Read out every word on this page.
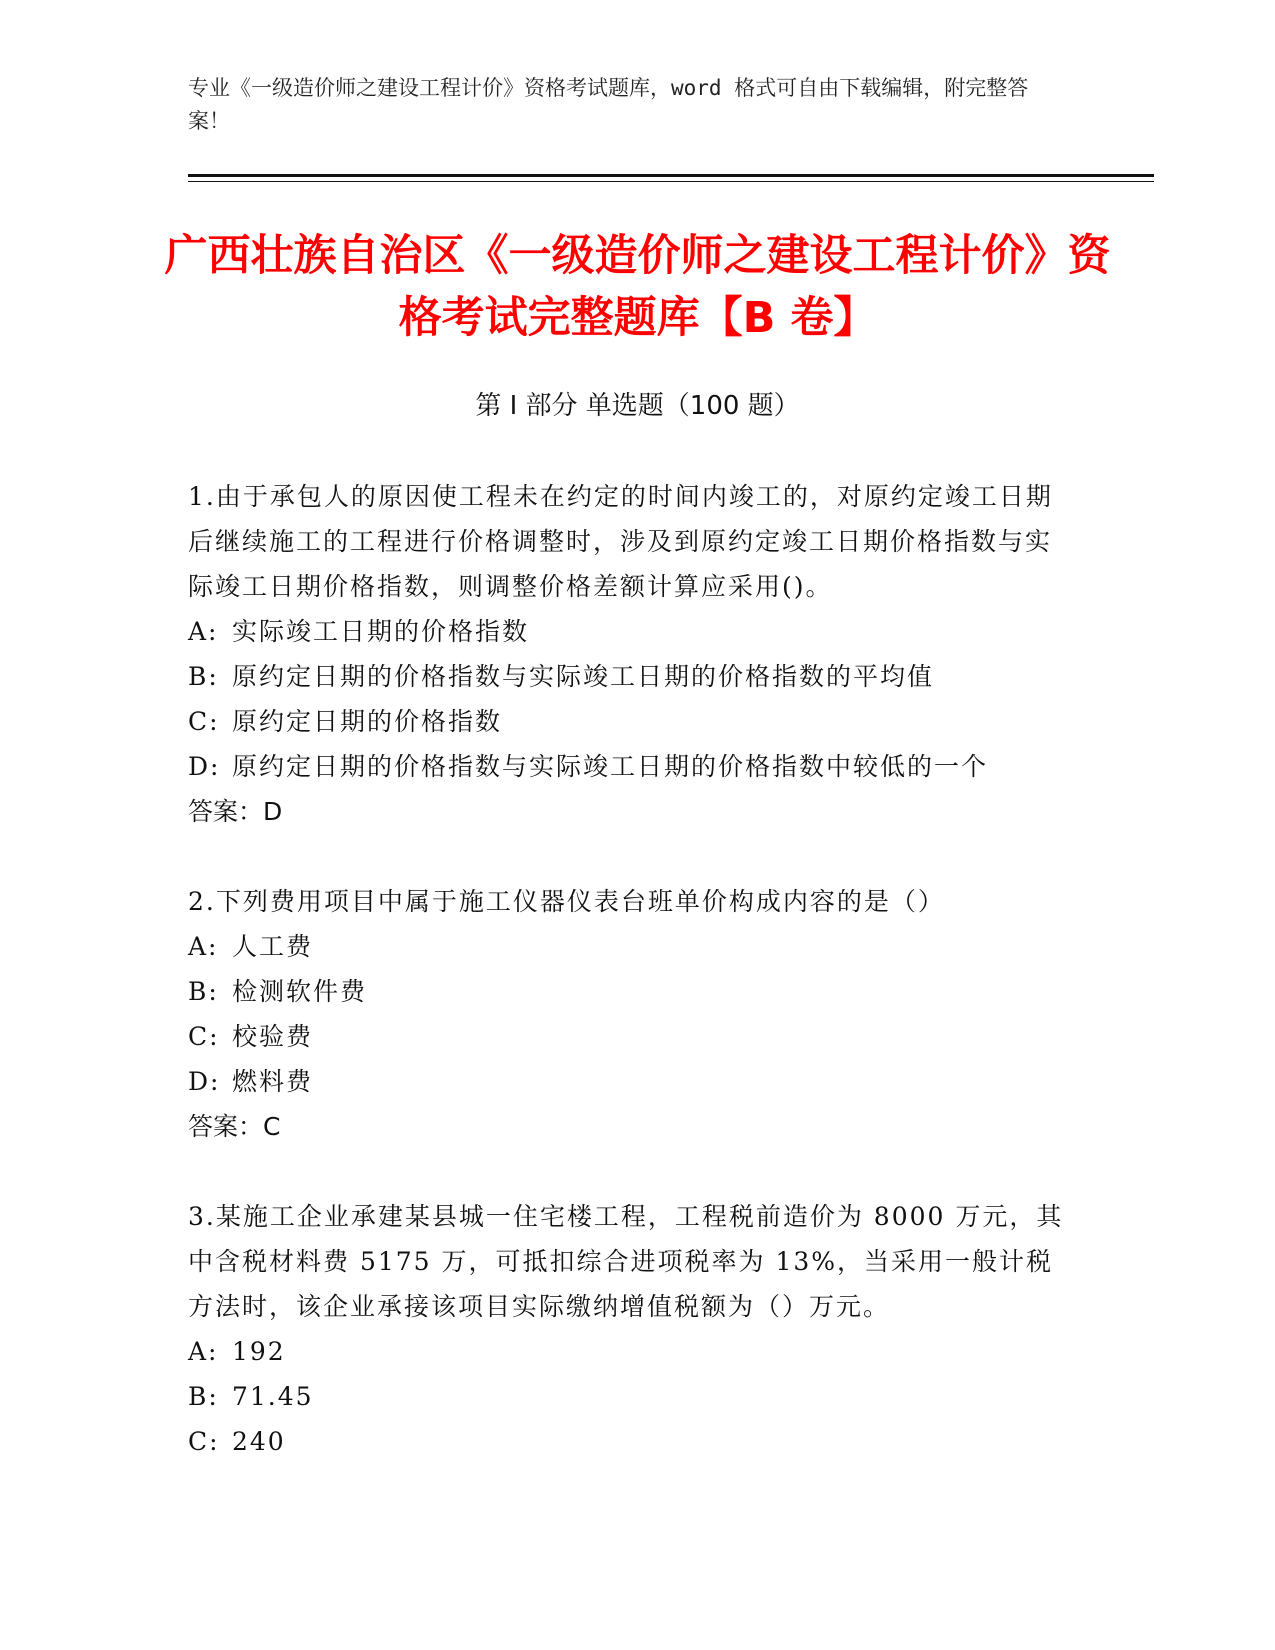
专业《一级造价师之建设工程计价》资格考试题库，word 格式可自由下载编辑，附完整答案！
广西壮族自治区《一级造价师之建设工程计价》资格考试完整题库【B 卷】
第 I 部分 单选题（100 题）
1.由于承包人的原因使工程未在约定的时间内竣工的，对原约定竣工日期后继续施工的工程进行价格调整时，涉及到原约定竣工日期价格指数与实际竣工日期价格指数，则调整价格差额计算应采用()。
A: 实际竣工日期的价格指数
B: 原约定日期的价格指数与实际竣工日期的价格指数的平均值
C: 原约定日期的价格指数
D: 原约定日期的价格指数与实际竣工日期的价格指数中较低的一个
答案：D
2.下列费用项目中属于施工仪器仪表台班单价构成内容的是（）
A: 人工费
B: 检测软件费
C: 校验费
D: 燃料费
答案：C
3.某施工企业承建某县城一住宅楼工程，工程税前造价为 8000 万元，其中含税材料费 5175 万，可抵扣综合进项税率为 13%，当采用一般计税方法时，该企业承接该项目实际缴纳增值税额为（）万元。
A: 192
B: 71.45
C: 240
